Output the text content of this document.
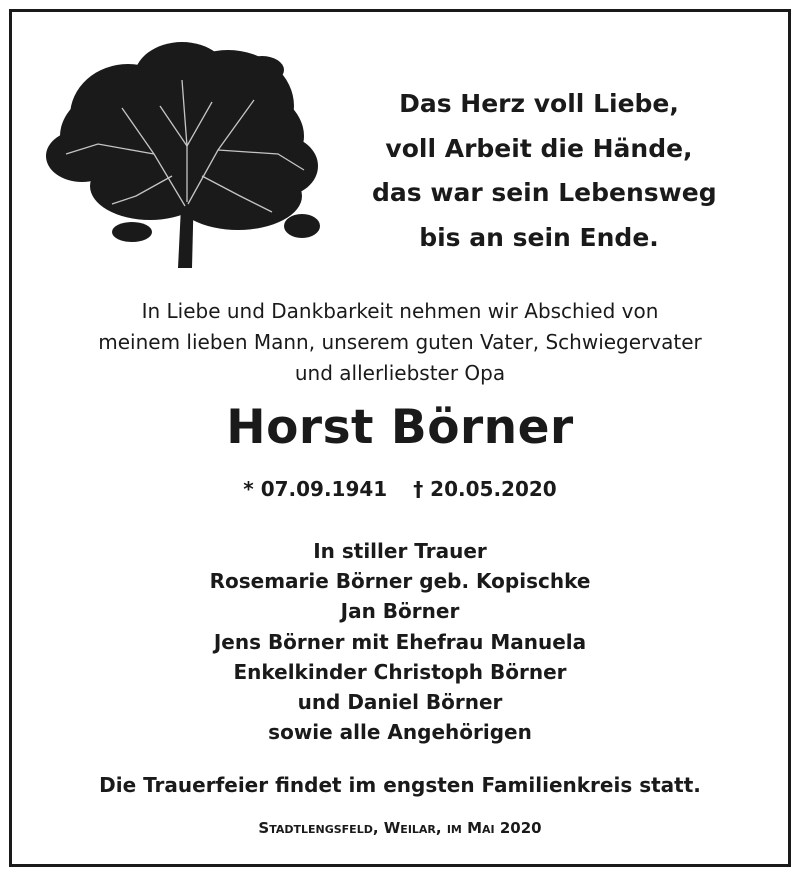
Das Herz voll Liebe,
voll Arbeit die Hände,
das war sein Lebensweg
bis an sein Ende.
In Liebe und Dankbarkeit nehmen wir Abschied von
meinem lieben Mann, unserem guten Vater, Schwiegervater
und allerliebster Opa
Horst Börner
* 07.09.1941 † 20.05.2020
In stiller Trauer
Rosemarie Börner geb. Kopischke
Jan Börner
Jens Börner mit Ehefrau Manuela
Enkelkinder Christoph Börner
und Daniel Börner
sowie alle Angehörigen
Die Trauerfeier findet im engsten Familienkreis statt.
Stadtlengsfeld, Weilar, im Mai 2020
